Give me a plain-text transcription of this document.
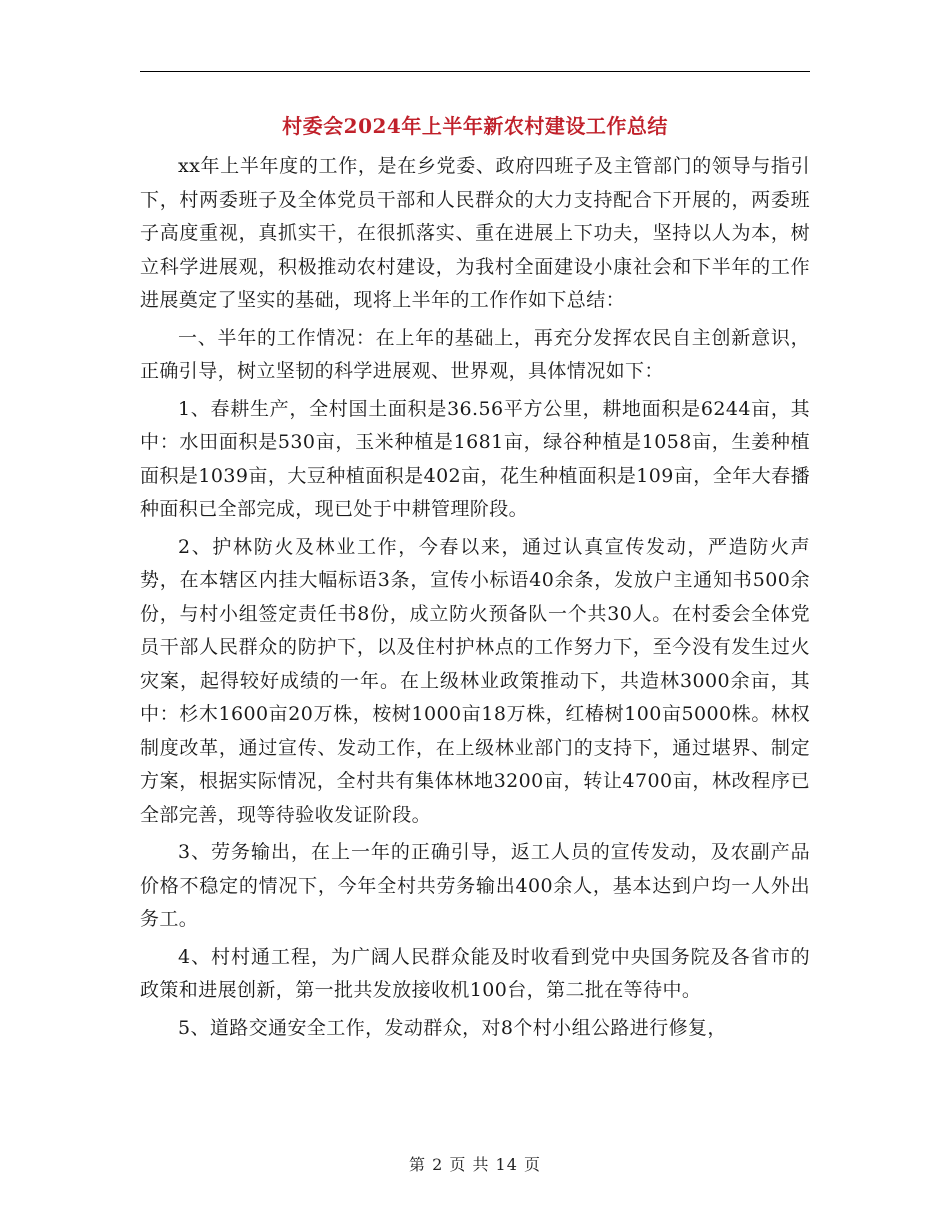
村委会2024年上半年新农村建设工作总结

xx年上半年度的工作，是在乡党委、政府四班子及主管部门的领导与指引下，村两委班子及全体党员干部和人民群众的大力支持配合下开展的，两委班子高度重视，真抓实干，在很抓落实、重在进展上下功夫，坚持以人为本，树立科学进展观，积极推动农村建设，为我村全面建设小康社会和下半年的工作进展奠定了坚实的基础，现将上半年的工作作如下总结：

一、半年的工作情况：在上年的基础上，再充分发挥农民自主创新意识，正确引导，树立坚韧的科学进展观、世界观，具体情况如下：

1、春耕生产，全村国土面积是36.56平方公里，耕地面积是6244亩，其中：水田面积是530亩，玉米种植是1681亩，绿谷种植是1058亩，生姜种植面积是1039亩，大豆种植面积是402亩，花生种植面积是109亩，全年大春播种面积已全部完成，现已处于中耕管理阶段。

2、护林防火及林业工作，今春以来，通过认真宣传发动，严造防火声势，在本辖区内挂大幅标语3条，宣传小标语40余条，发放户主通知书500余份，与村小组签定责任书8份，成立防火预备队一个共30人。在村委会全体党员干部人民群众的防护下，以及住村护林点的工作努力下，至今没有发生过火灾案，起得较好成绩的一年。在上级林业政策推动下，共造林3000余亩，其中：杉木1600亩20万株，桉树1000亩18万株，红椿树100亩5000株。林权制度改革，通过宣传、发动工作，在上级林业部门的支持下，通过堪界、制定方案，根据实际情况，全村共有集体林地3200亩，转让4700亩，林改程序已全部完善，现等待验收发证阶段。

3、劳务输出，在上一年的正确引导，返工人员的宣传发动，及农副产品价格不稳定的情况下，今年全村共劳务输出400余人，基本达到户均一人外出务工。

4、村村通工程，为广阔人民群众能及时收看到党中央国务院及各省市的政策和进展创新，第一批共发放接收机100台，第二批在等待中。

5、道路交通安全工作，发动群众，对8个村小组公路进行修复，

第 2 页 共 14 页
